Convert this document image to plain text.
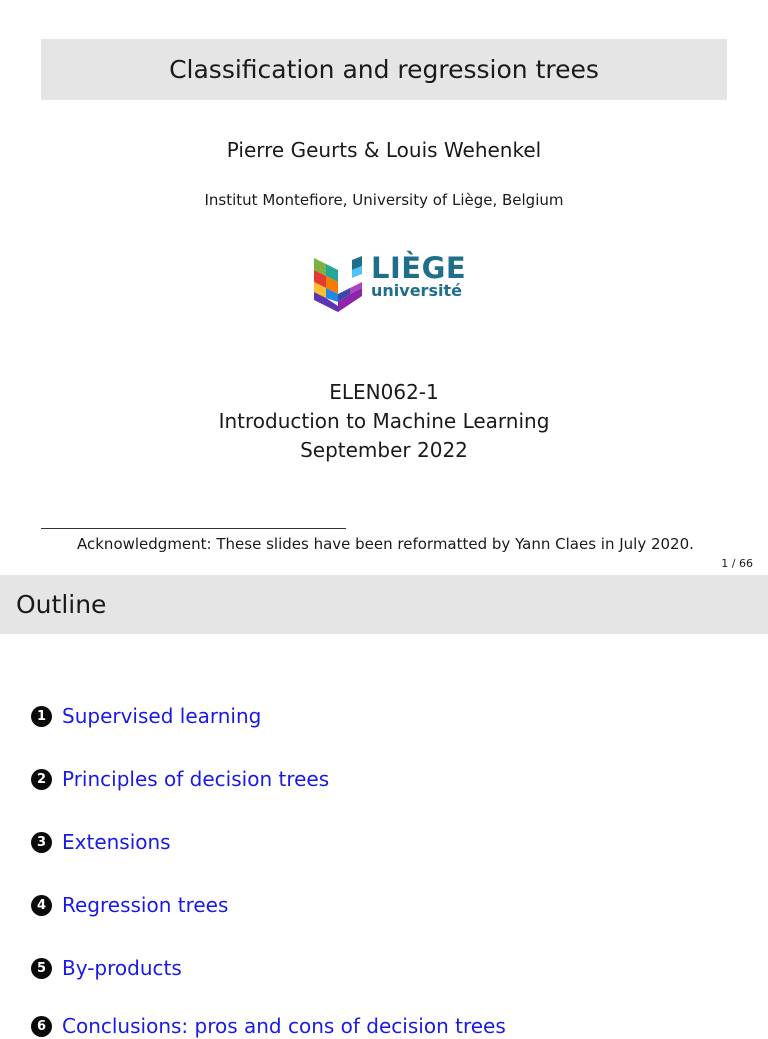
Classification and regression trees
Pierre Geurts & Louis Wehenkel
Institut Montefiore, University of Liège, Belgium
LIÈGE
université
ELEN062-1
Introduction to Machine Learning
September 2022
Acknowledgment: These slides have been reformatted by Yann Claes in July 2020.
1 / 66
Outline
1 Supervised learning
2 Principles of decision trees
3 Extensions
4 Regression trees
5 By-products
6 Conclusions: pros and cons of decision trees
